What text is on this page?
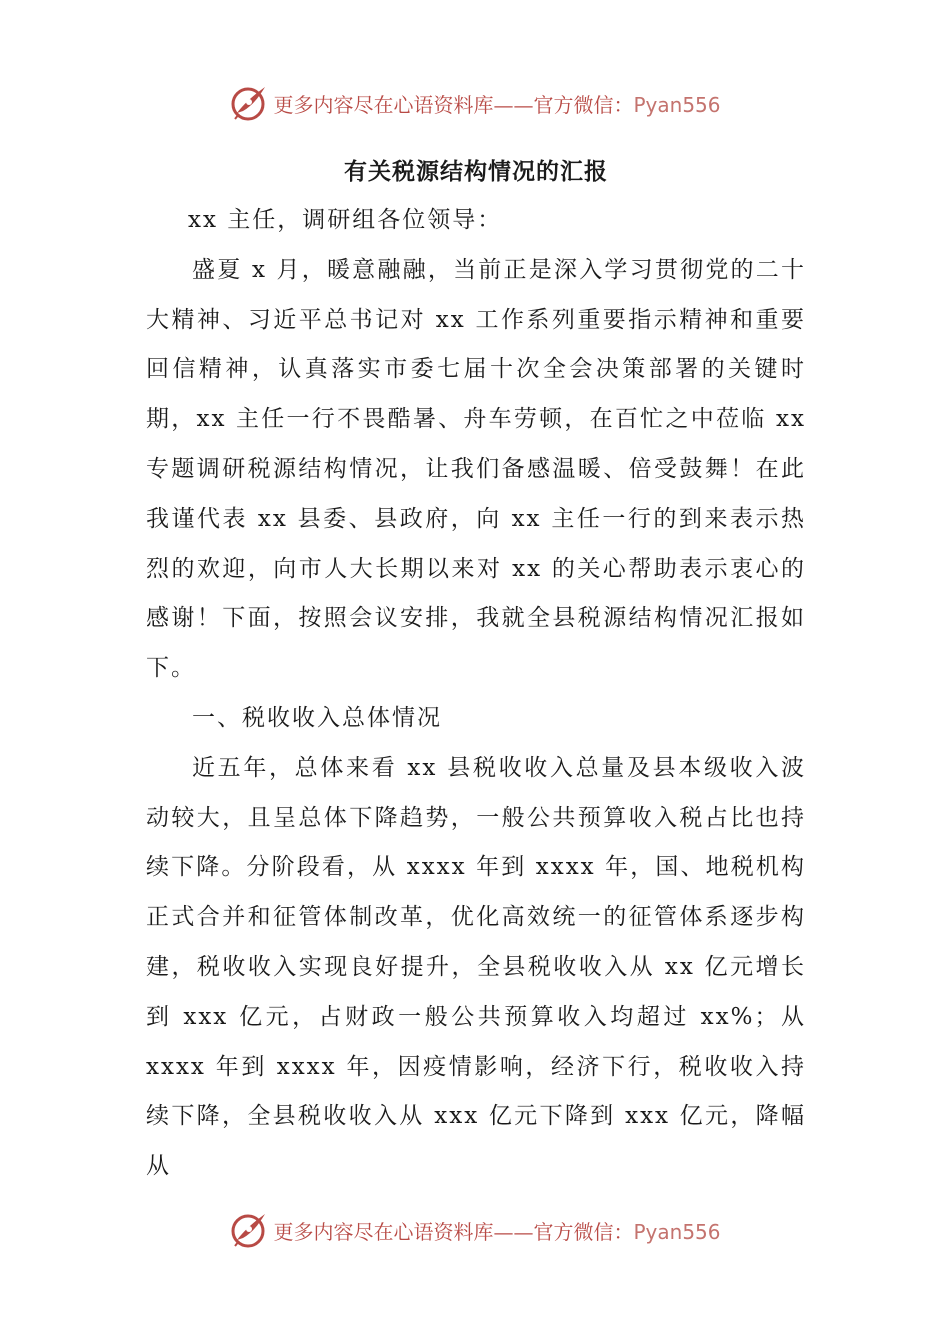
更多内容尽在心语资料库——官方微信：Pyan556
有关税源结构情况的汇报

xx 主任，调研组各位领导：

盛夏 x 月，暖意融融，当前正是深入学习贯彻党的二十大精神、习近平总书记对 xx 工作系列重要指示精神和重要回信精神，认真落实市委七届十次全会决策部署的关键时期，xx 主任一行不畏酷暑、舟车劳顿，在百忙之中莅临 xx 专题调研税源结构情况，让我们备感温暖、倍受鼓舞！在此我谨代表 xx 县委、县政府，向 xx 主任一行的到来表示热烈的欢迎，向市人大长期以来对 xx 的关心帮助表示衷心的感谢！下面，按照会议安排，我就全县税源结构情况汇报如下。

一、税收收入总体情况

近五年，总体来看 xx 县税收收入总量及县本级收入波动较大，且呈总体下降趋势，一般公共预算收入税占比也持续下降。分阶段看，从 xxxx 年到 xxxx 年，国、地税机构正式合并和征管体制改革，优化高效统一的征管体系逐步构建，税收收入实现良好提升，全县税收收入从 xx 亿元增长到 xxx 亿元，占财政一般公共预算收入均超过 xx%；从 xxxx 年到 xxxx 年，因疫情影响，经济下行，税收收入持续下降，全县税收收入从 xxx 亿元下降到 xxx 亿元，降幅从

更多内容尽在心语资料库——官方微信：Pyan556
